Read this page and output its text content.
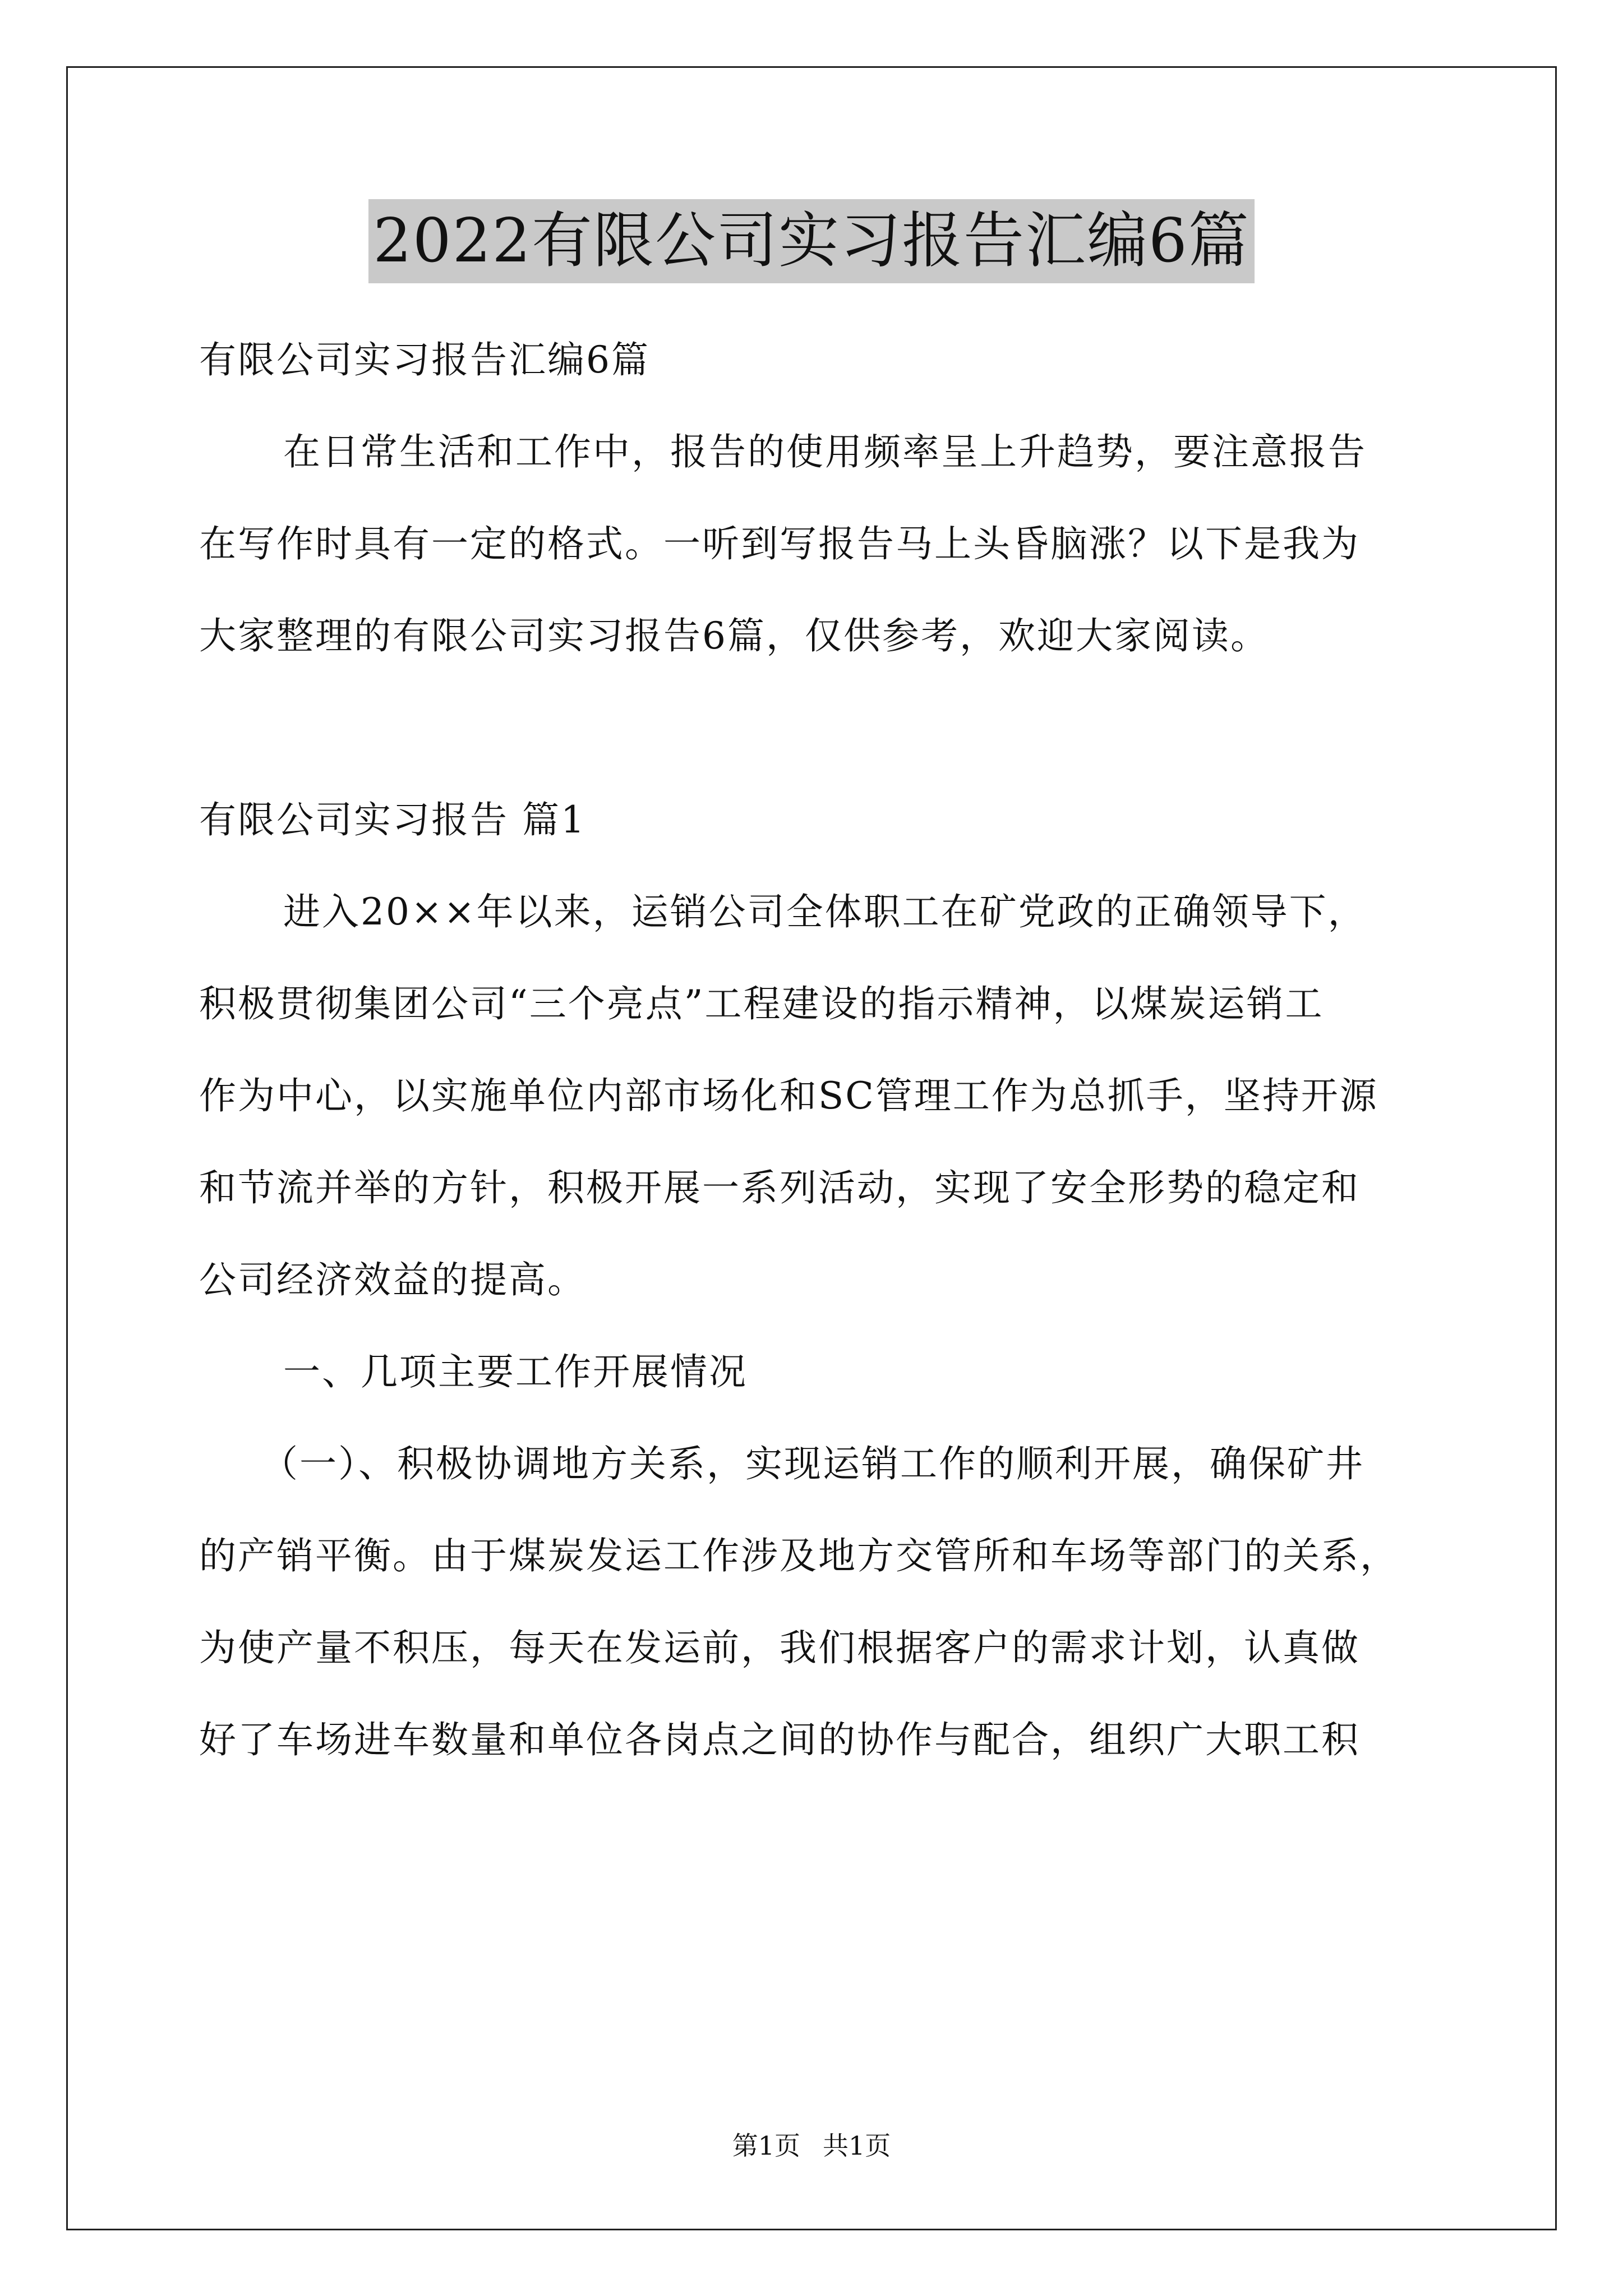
2022有限公司实习报告汇编6篇

有限公司实习报告汇编6篇

在日常生活和工作中，报告的使用频率呈上升趋势，要注意报告

在写作时具有一定的格式。一听到写报告马上头昏脑涨？以下是我为

大家整理的有限公司实习报告6篇，仅供参考，欢迎大家阅读。

有限公司实习报告 篇1

进入20××年以来，运销公司全体职工在矿党政的正确领导下，

积极贯彻集团公司“三个亮点”工程建设的指示精神，以煤炭运销工

作为中心，以实施单位内部市场化和SC管理工作为总抓手，坚持开源

和节流并举的方针，积极开展一系列活动，实现了安全形势的稳定和

公司经济效益的提高。

一、几项主要工作开展情况

（一）、积极协调地方关系，实现运销工作的顺利开展，确保矿井

的产销平衡。由于煤炭发运工作涉及地方交管所和车场等部门的关系，

为使产量不积压，每天在发运前，我们根据客户的需求计划，认真做

好了车场进车数量和单位各岗点之间的协作与配合，组织广大职工积

第1页 共1页
